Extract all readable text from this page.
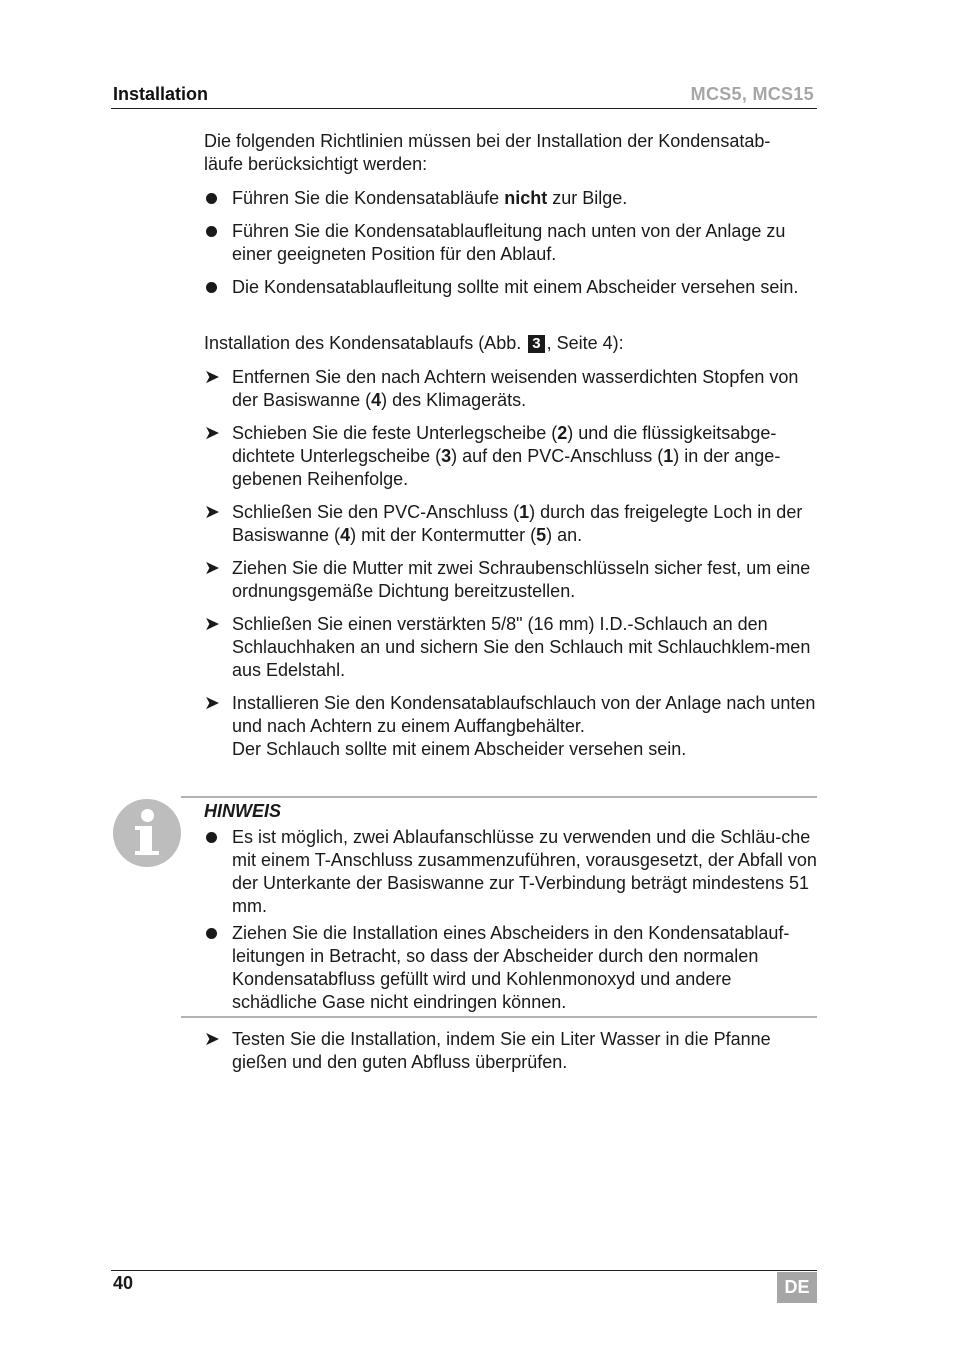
Installation	MCS5, MCS15

Die folgenden Richtlinien müssen bei der Installation der Kondensatab-
läufe berücksichtigt werden:

Führen Sie die Kondensatabläufe nicht zur Bilge.
Führen Sie die Kondensatablaufleitung nach unten von der Anlage zu einer geeigneten Position für den Ablauf.
Die Kondensatablaufleitung sollte mit einem Abscheider versehen sein.

Installation des Kondensatablaufs (Abb. 3 , Seite 4):

➤ Entfernen Sie den nach Achtern weisenden wasserdichten Stopfen von der Basiswanne (4) des Klimageräts.
➤ Schieben Sie die feste Unterlegscheibe (2) und die flüssigkeitsabge-dichtete Unterlegscheibe (3) auf den PVC-Anschluss (1) in der ange-gebenen Reihenfolge.
➤ Schließen Sie den PVC-Anschluss (1) durch das freigelegte Loch in der Basiswanne (4) mit der Kontermutter (5) an.
➤ Ziehen Sie die Mutter mit zwei Schraubenschlüsseln sicher fest, um eine ordnungsgemäße Dichtung bereitzustellen.
➤ Schließen Sie einen verstärkten 5/8" (16 mm) I.D.-Schlauch an den Schlauchhaken an und sichern Sie den Schlauch mit Schlauchklem-men aus Edelstahl.
➤ Installieren Sie den Kondensatablaufschlauch von der Anlage nach unten und nach Achtern zu einem Auffangbehälter.
Der Schlauch sollte mit einem Abscheider versehen sein.
HINWEIS
Es ist möglich, zwei Ablaufanschlüsse zu verwenden und die Schläu-che mit einem T-Anschluss zusammenzuführen, vorausgesetzt, der Abfall von der Unterkante der Basiswanne zur T-Verbindung beträgt mindestens 51 mm.
Ziehen Sie die Installation eines Abscheiders in den Kondensatablauf-leitungen in Betracht, so dass der Abscheider durch den normalen Kondensatabfluss gefüllt wird und Kohlenmonoxyd und andere schädliche Gase nicht eindringen können.
➤ Testen Sie die Installation, indem Sie ein Liter Wasser in die Pfanne gießen und den guten Abfluss überprüfen.
40	DE
